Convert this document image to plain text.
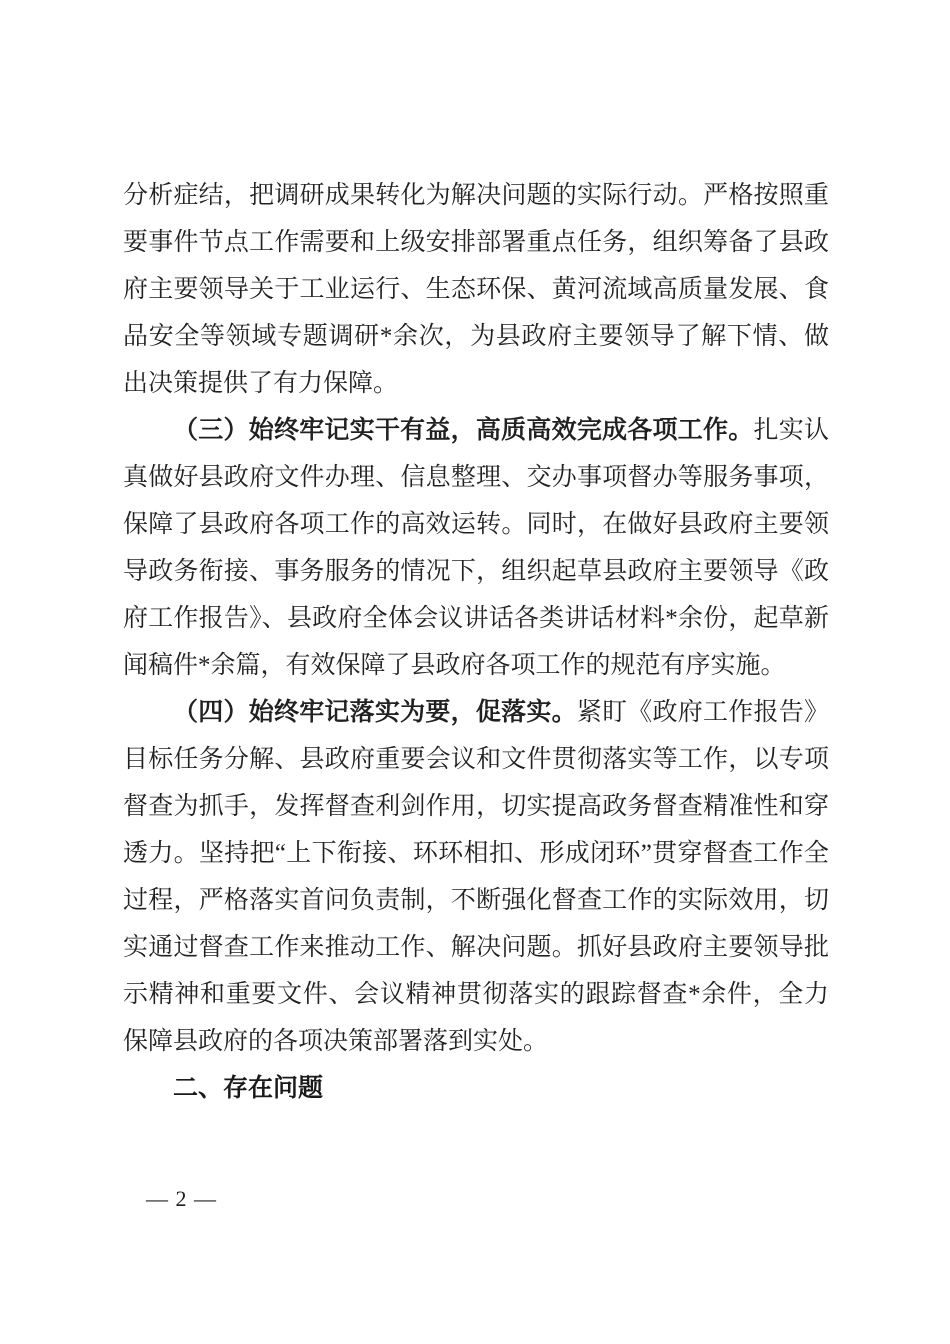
分析症结，把调研成果转化为解决问题的实际行动。严格按照重要事件节点工作需要和上级安排部署重点任务，组织筹备了县政府主要领导关于工业运行、生态环保、黄河流域高质量发展、食品安全等领域专题调研*余次，为县政府主要领导了解下情、做出决策提供了有力保障。

（三）始终牢记实干有益，高质高效完成各项工作。扎实认真做好县政府文件办理、信息整理、交办事项督办等服务事项，保障了县政府各项工作的高效运转。同时，在做好县政府主要领导政务衔接、事务服务的情况下，组织起草县政府主要领导《政府工作报告》、县政府全体会议讲话各类讲话材料*余份，起草新闻稿件*余篇，有效保障了县政府各项工作的规范有序实施。

（四）始终牢记落实为要，促落实。紧盯《政府工作报告》目标任务分解、县政府重要会议和文件贯彻落实等工作，以专项督查为抓手，发挥督查利剑作用，切实提高政务督查精准性和穿透力。坚持把“上下衔接、环环相扣、形成闭环”贯穿督查工作全过程，严格落实首问负责制，不断强化督查工作的实际效用，切实通过督查工作来推动工作、解决问题。抓好县政府主要领导批示精神和重要文件、会议精神贯彻落实的跟踪督查*余件，全力保障县政府的各项决策部署落到实处。

二、存在问题
— 2 —
